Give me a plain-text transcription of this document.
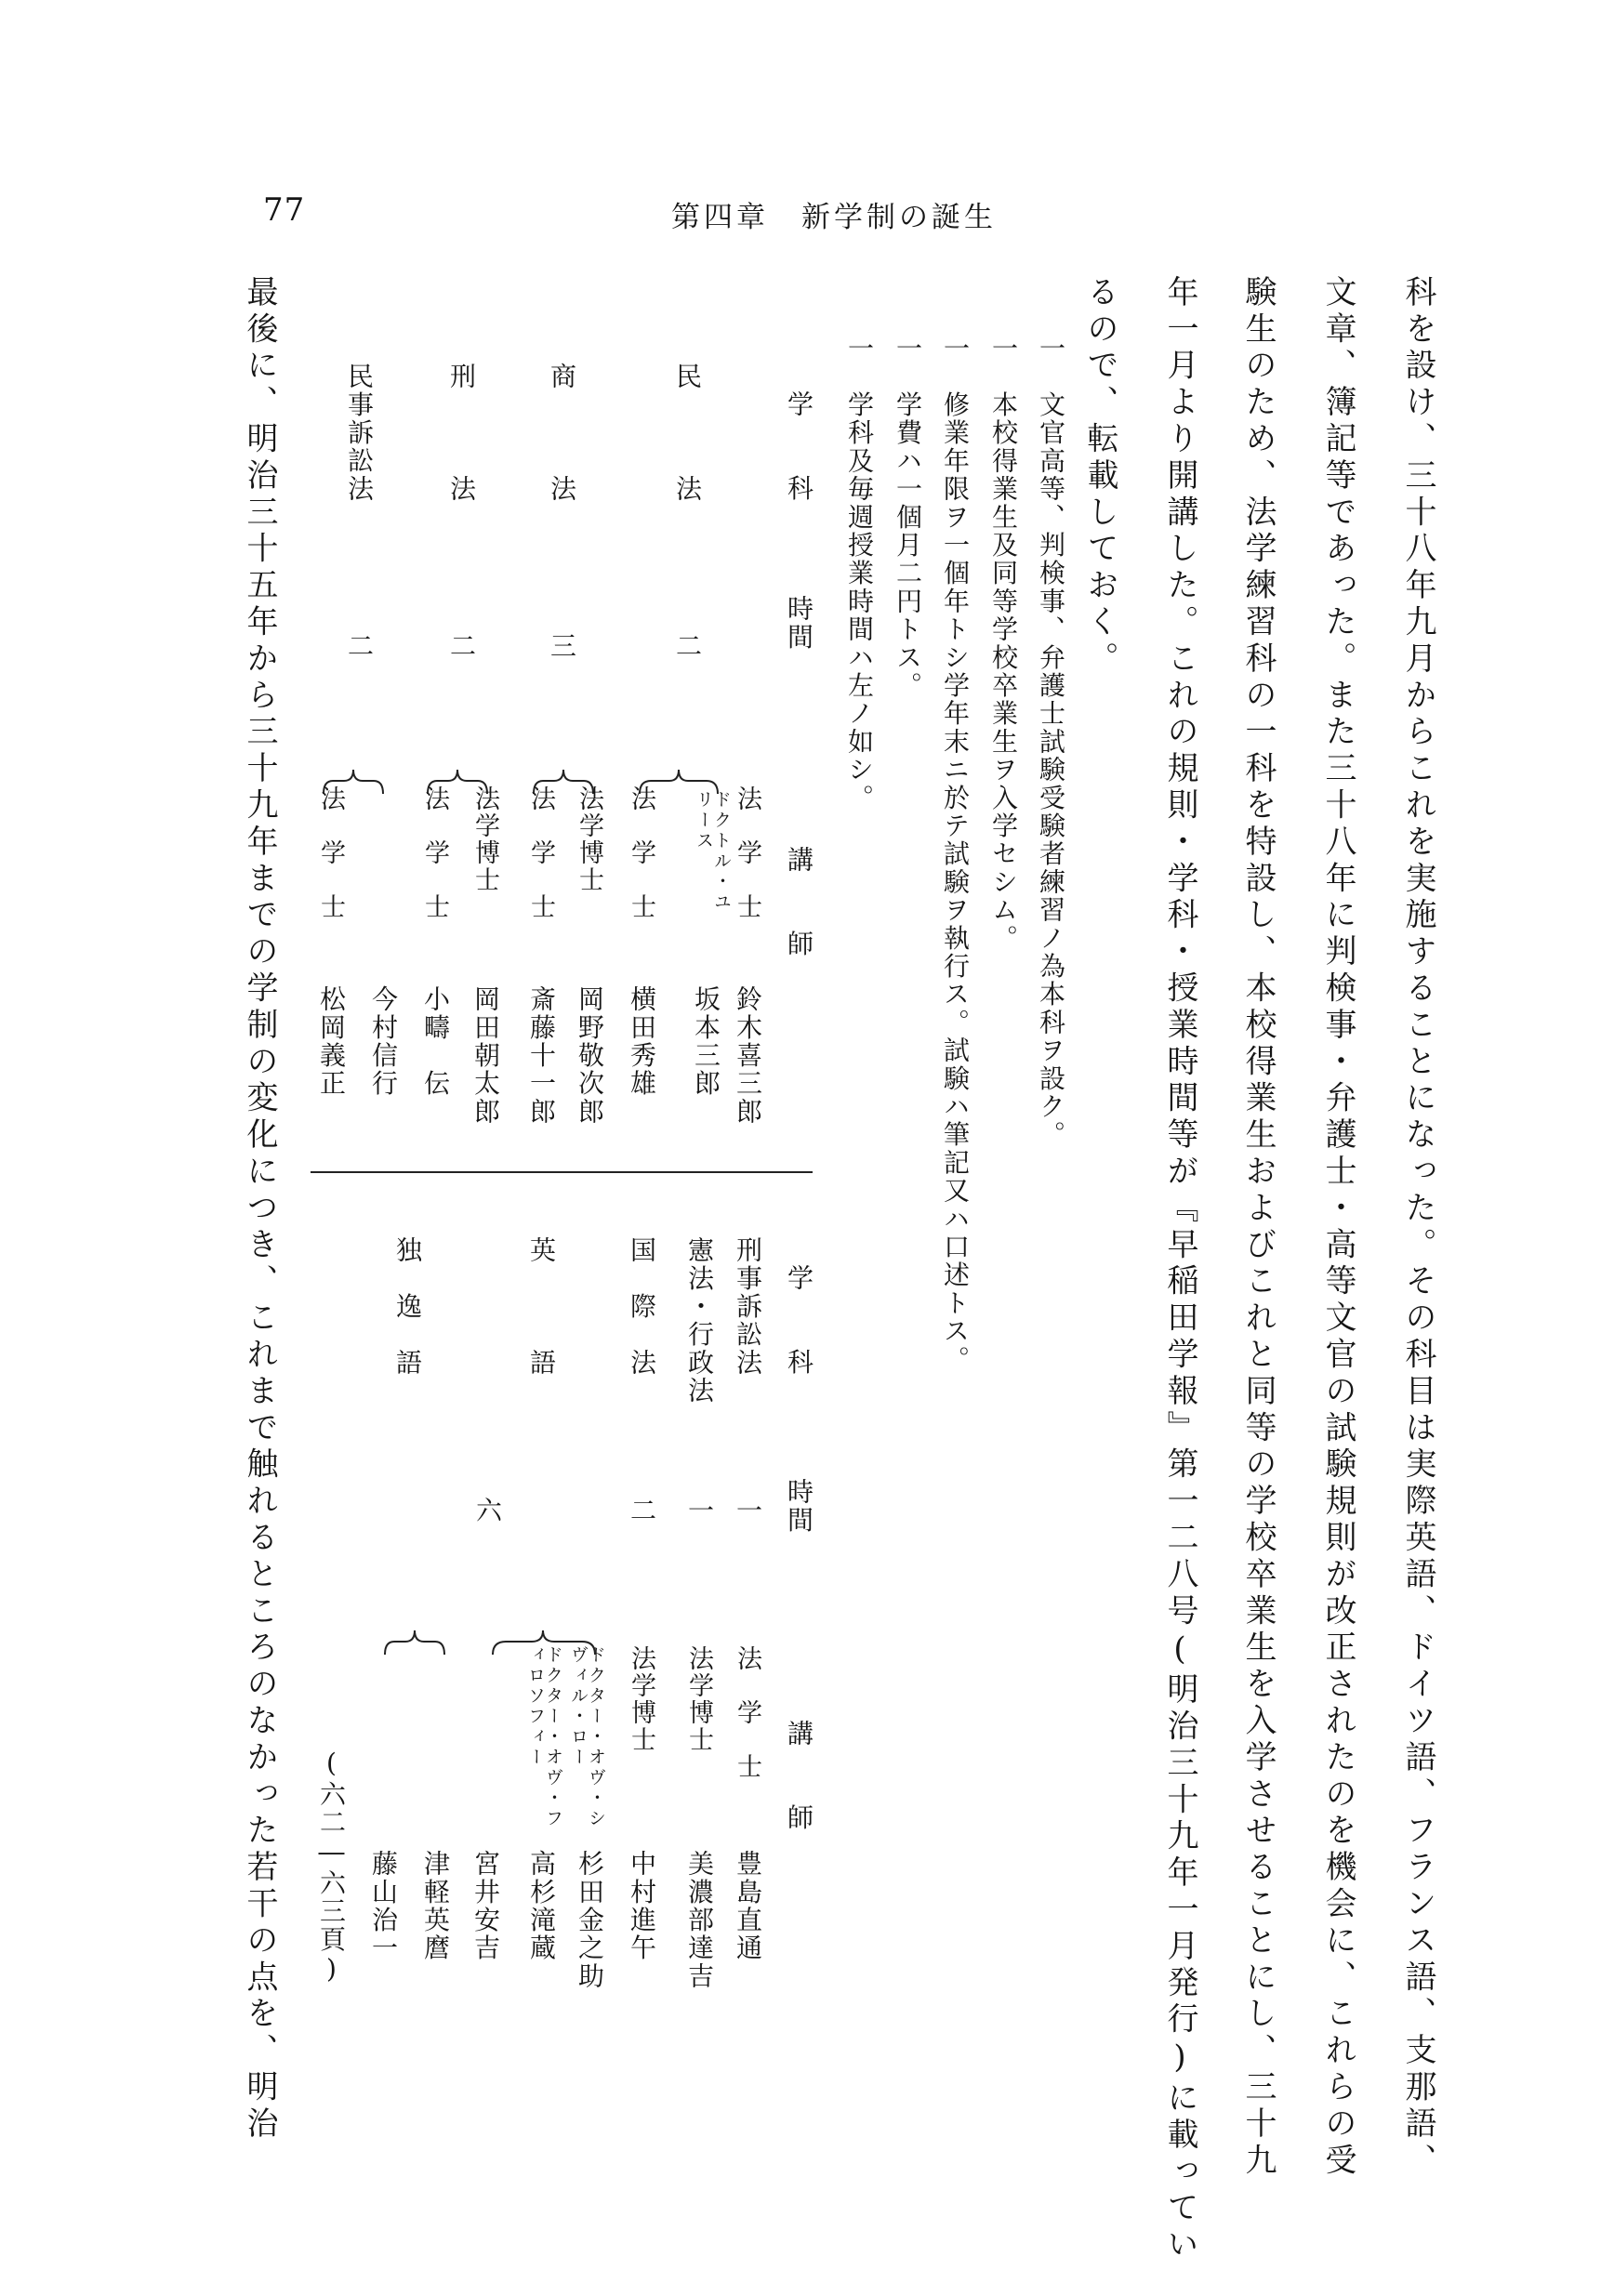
77	第四章　新学制の誕生
科を設け、三十八年九月からこれを実施することになった。その科目は実際英語、ドイツ語、フランス語、支那語、
文章、簿記等であった。また三十八年に判検事・弁護士・高等文官の試験規則が改正されたのを機会に、これらの受
験生のため、法学練習科の一科を特設し、本校得業生およびこれと同等の学校卒業生を入学させることにし、三十九
年一月より開講した。これの規則・学科・授業時間等が『早稲田学報』第一二八号(明治三十九年一月発行)に載ってい
るので、転載しておく。
一　文官高等、判検事、弁護士試験受験者練習ノ為本科ヲ設ク。
一　本校得業生及同等学校卒業生ヲ入学セシム。
一　修業年限ヲ一個年トシ学年末ニ於テ試験ヲ執行ス。試験ハ筆記又ハ口述トス。
一　学費ハ一個月二円トス。
一　学科及毎週授業時間ハ左ノ如シ。
学　　科
時間
講　　師
学　　科
時間
講　　師
民　　　法
二
法　学　士
鈴木喜三郎
ドクトル・ユリース
坂本三郎
法　学　士
横田秀雄
商　　　法
三
法学博士
岡野敬次郎
法　学　士
斎藤十一郎
刑　　　法
二
法学博士
岡田朝太郎
法　学　士
小疇　伝
民事訴訟法
二
今村信行
法　学　士
松岡義正
刑事訴訟法
一
法　学　士
豊島直通
憲法・行政法
一
法学博士
美濃部達吉
国　際　法
二
法学博士
中村進午
英　　　語
六
ドクター・オヴ・シヴィル・ロー
杉田金之助
ドクター・オヴ・フィロソフィー
高杉滝蔵
宮井安吉
独　逸　語
津軽英麿
藤山治一
(六二―六三頁)
最後に、明治三十五年から三十九年までの学制の変化につき、これまで触れるところのなかった若干の点を、明治
